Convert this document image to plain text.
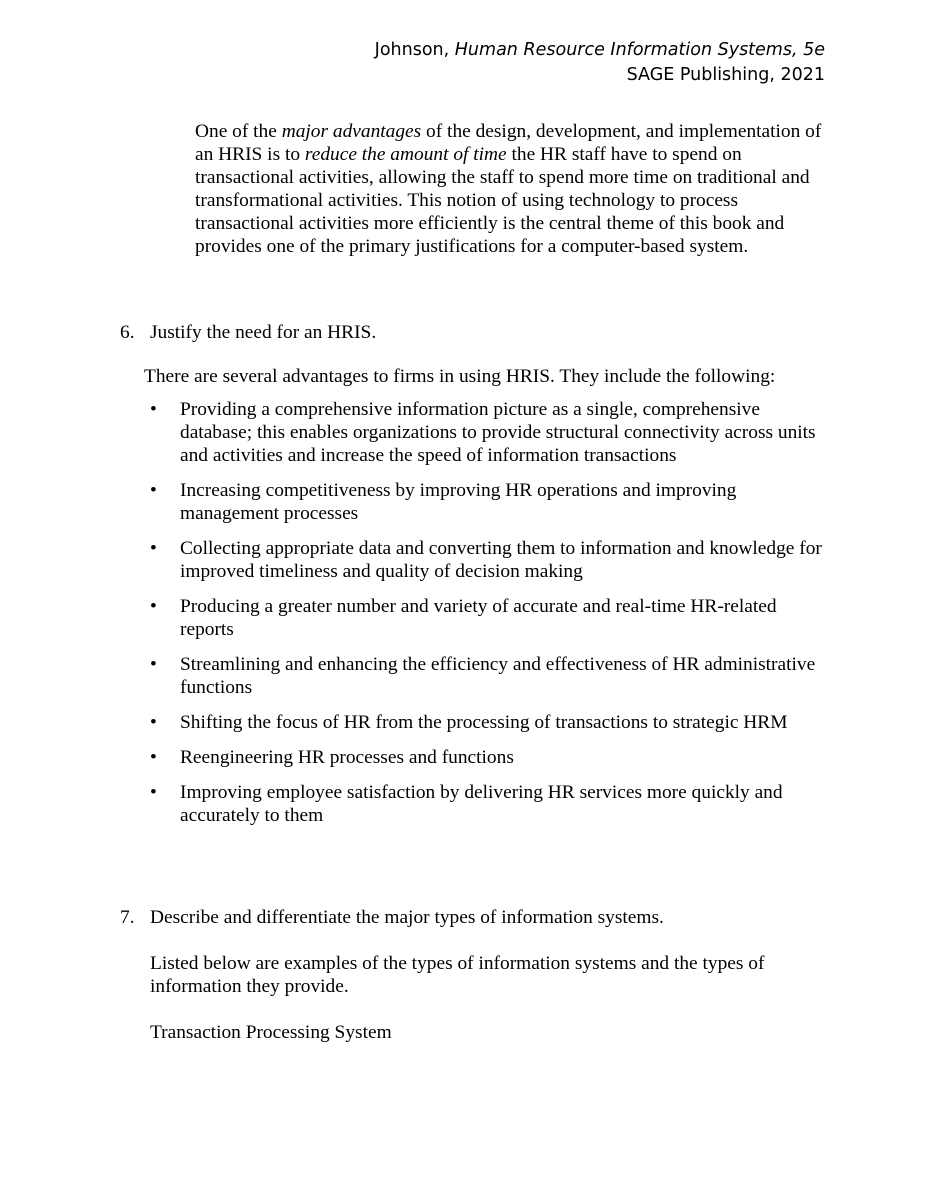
Johnson, Human Resource Information Systems, 5e
SAGE Publishing, 2021

One of the major advantages of the design, development, and implementation of an HRIS is to reduce the amount of time the HR staff have to spend on transactional activities, allowing the staff to spend more time on traditional and transformational activities. This notion of using technology to process transactional activities more efficiently is the central theme of this book and provides one of the primary justifications for a computer-based system.

6. Justify the need for an HRIS.

There are several advantages to firms in using HRIS. They include the following:

• Providing a comprehensive information picture as a single, comprehensive database; this enables organizations to provide structural connectivity across units and activities and increase the speed of information transactions
• Increasing competitiveness by improving HR operations and improving management processes
• Collecting appropriate data and converting them to information and knowledge for improved timeliness and quality of decision making
• Producing a greater number and variety of accurate and real-time HR-related reports
• Streamlining and enhancing the efficiency and effectiveness of HR administrative functions
• Shifting the focus of HR from the processing of transactions to strategic HRM
• Reengineering HR processes and functions
• Improving employee satisfaction by delivering HR services more quickly and accurately to them
7. Describe and differentiate the major types of information systems.

Listed below are examples of the types of information systems and the types of information they provide.

Transaction Processing System
